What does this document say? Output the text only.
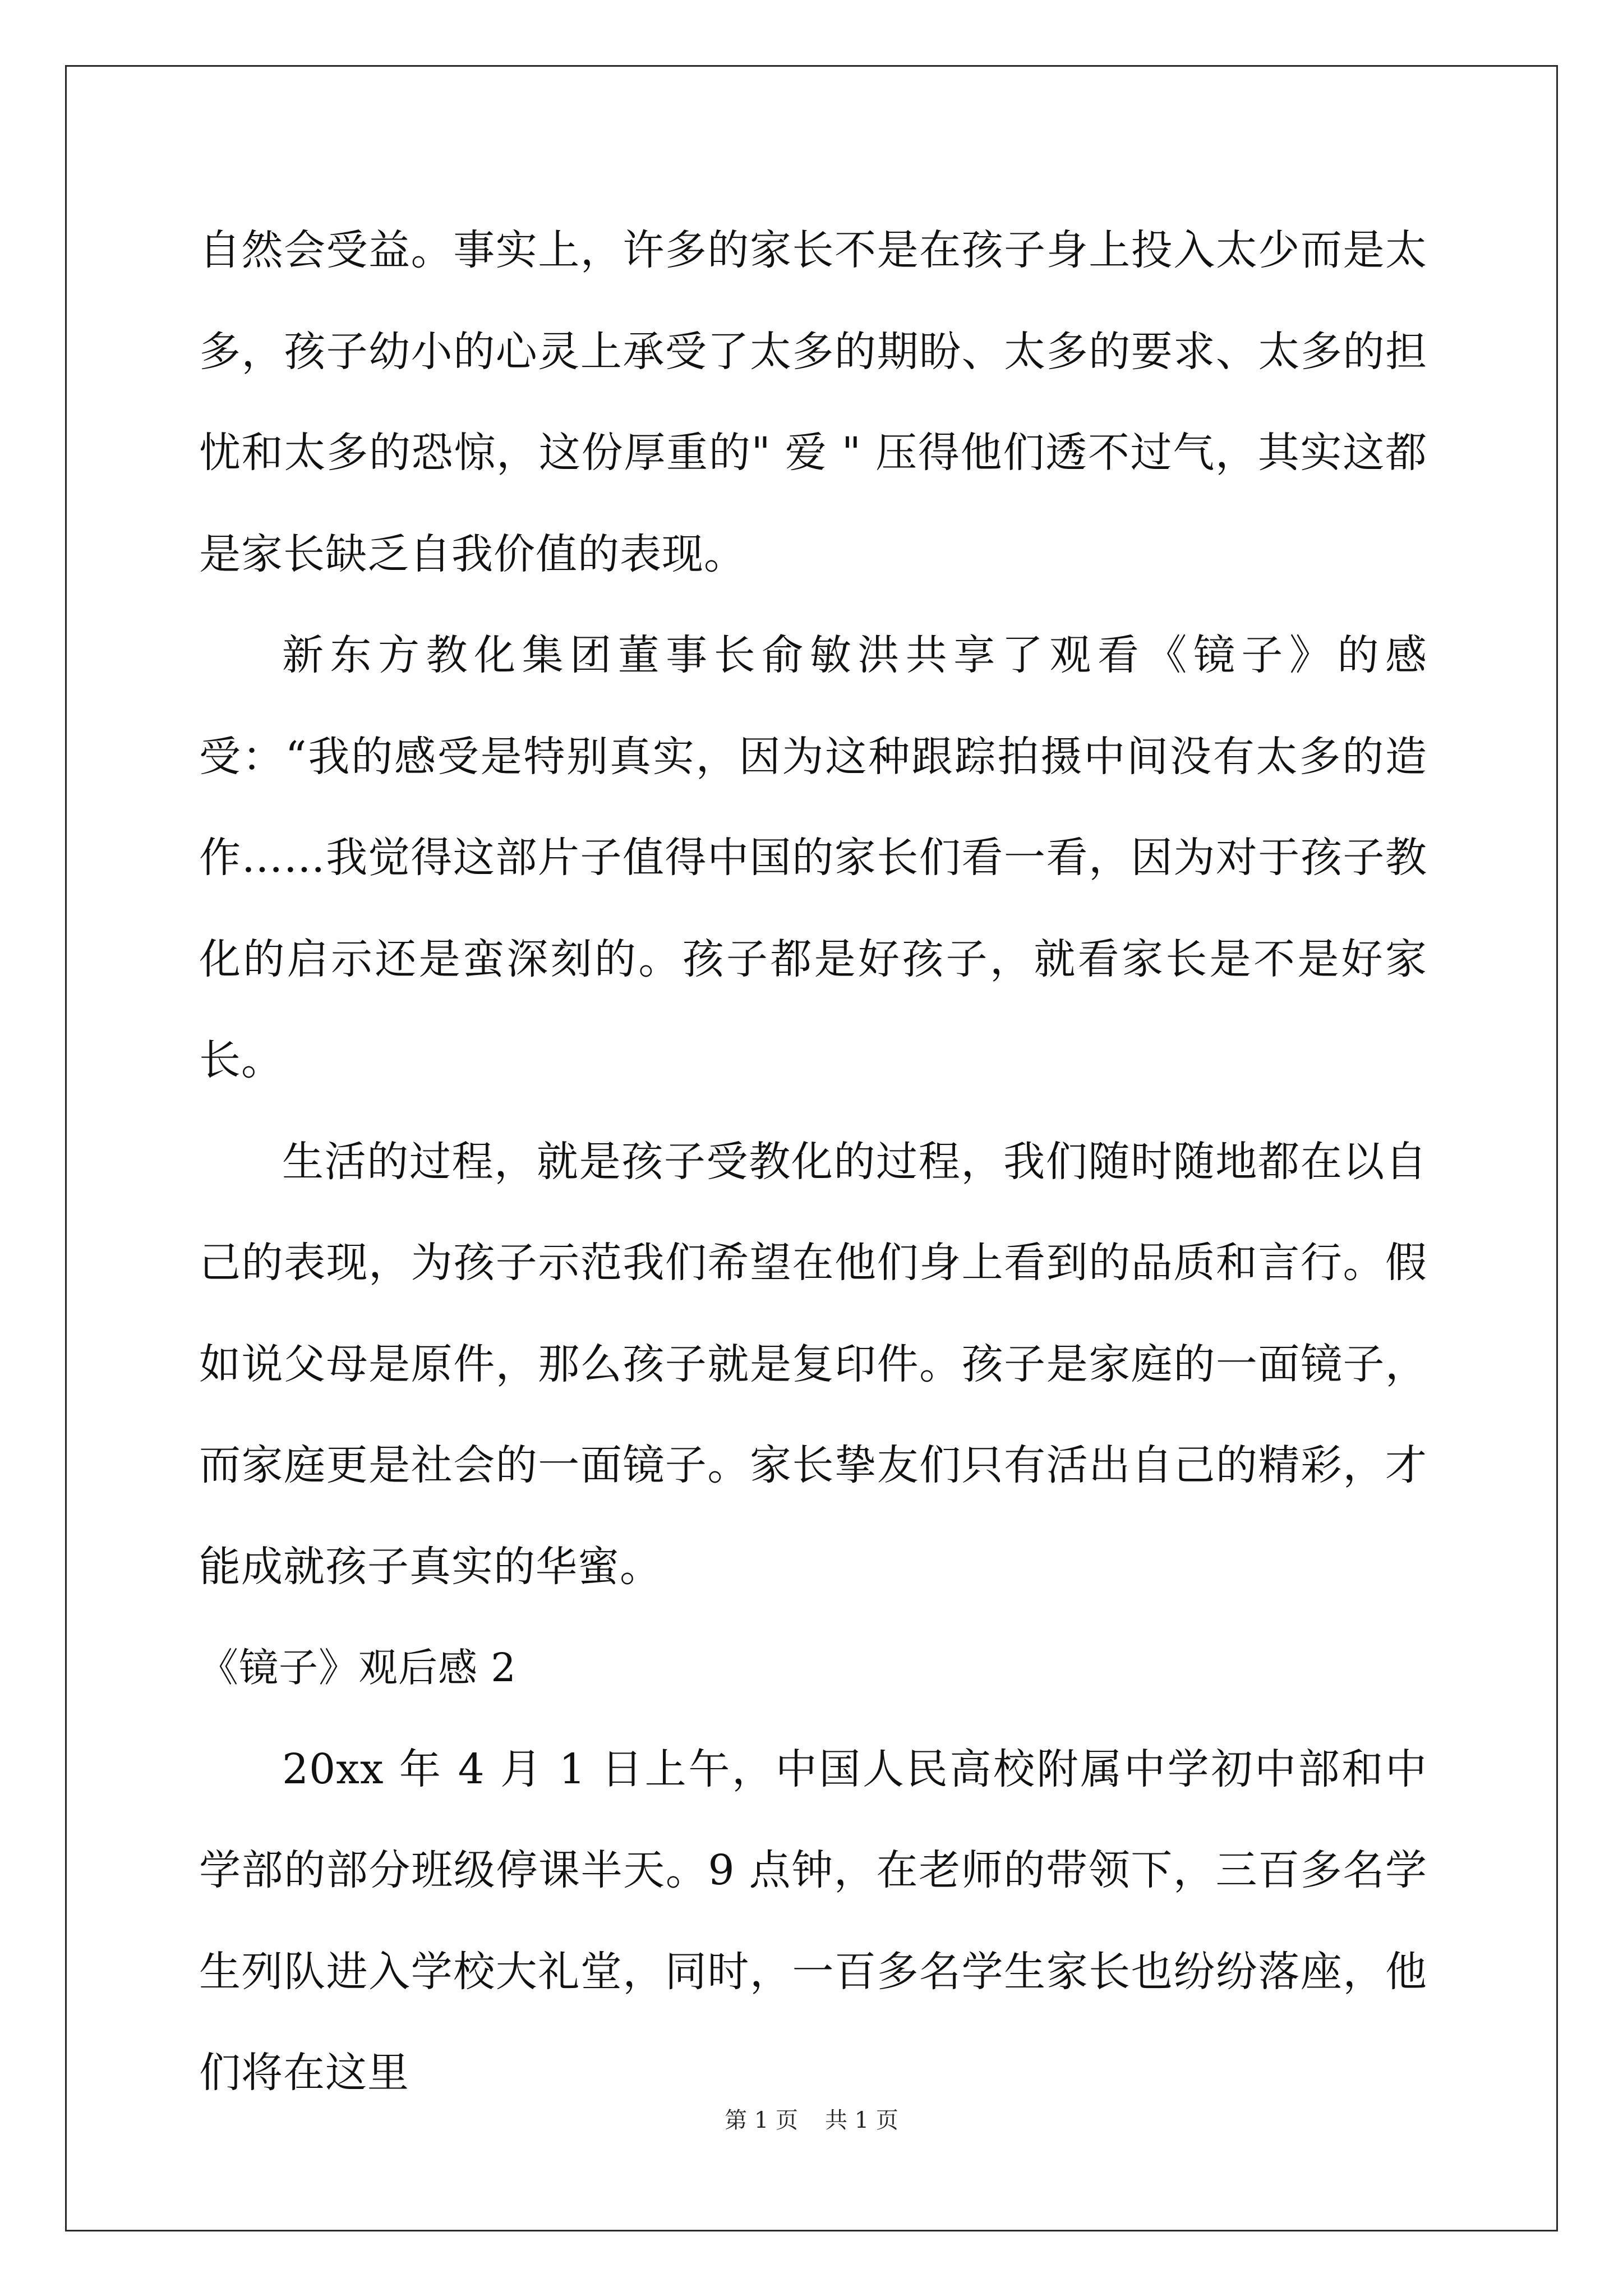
自然会受益。事实上，许多的家长不是在孩子身上投入太少而是太多，孩子幼小的心灵上承受了太多的期盼、太多的要求、太多的担忧和太多的恐惊，这份厚重的" 爱 " 压得他们透不过气，其实这都是家长缺乏自我价值的表现。

新东方教化集团董事长俞敏洪共享了观看《镜子》的感受：“我的感受是特别真实，因为这种跟踪拍摄中间没有太多的造作……我觉得这部片子值得中国的家长们看一看，因为对于孩子教化的启示还是蛮深刻的。孩子都是好孩子，就看家长是不是好家长。

生活的过程，就是孩子受教化的过程，我们随时随地都在以自己的表现，为孩子示范我们希望在他们身上看到的品质和言行。假如说父母是原件，那么孩子就是复印件。孩子是家庭的一面镜子，而家庭更是社会的一面镜子。家长挚友们只有活出自己的精彩，才能成就孩子真实的华蜜。

《镜子》观后感 2

20xx 年 4 月 1 日上午，中国人民高校附属中学初中部和中学部的部分班级停课半天。9 点钟，在老师的带领下，三百多名学生列队进入学校大礼堂，同时，一百多名学生家长也纷纷落座，他们将在这里

第 1 页 共 1 页
